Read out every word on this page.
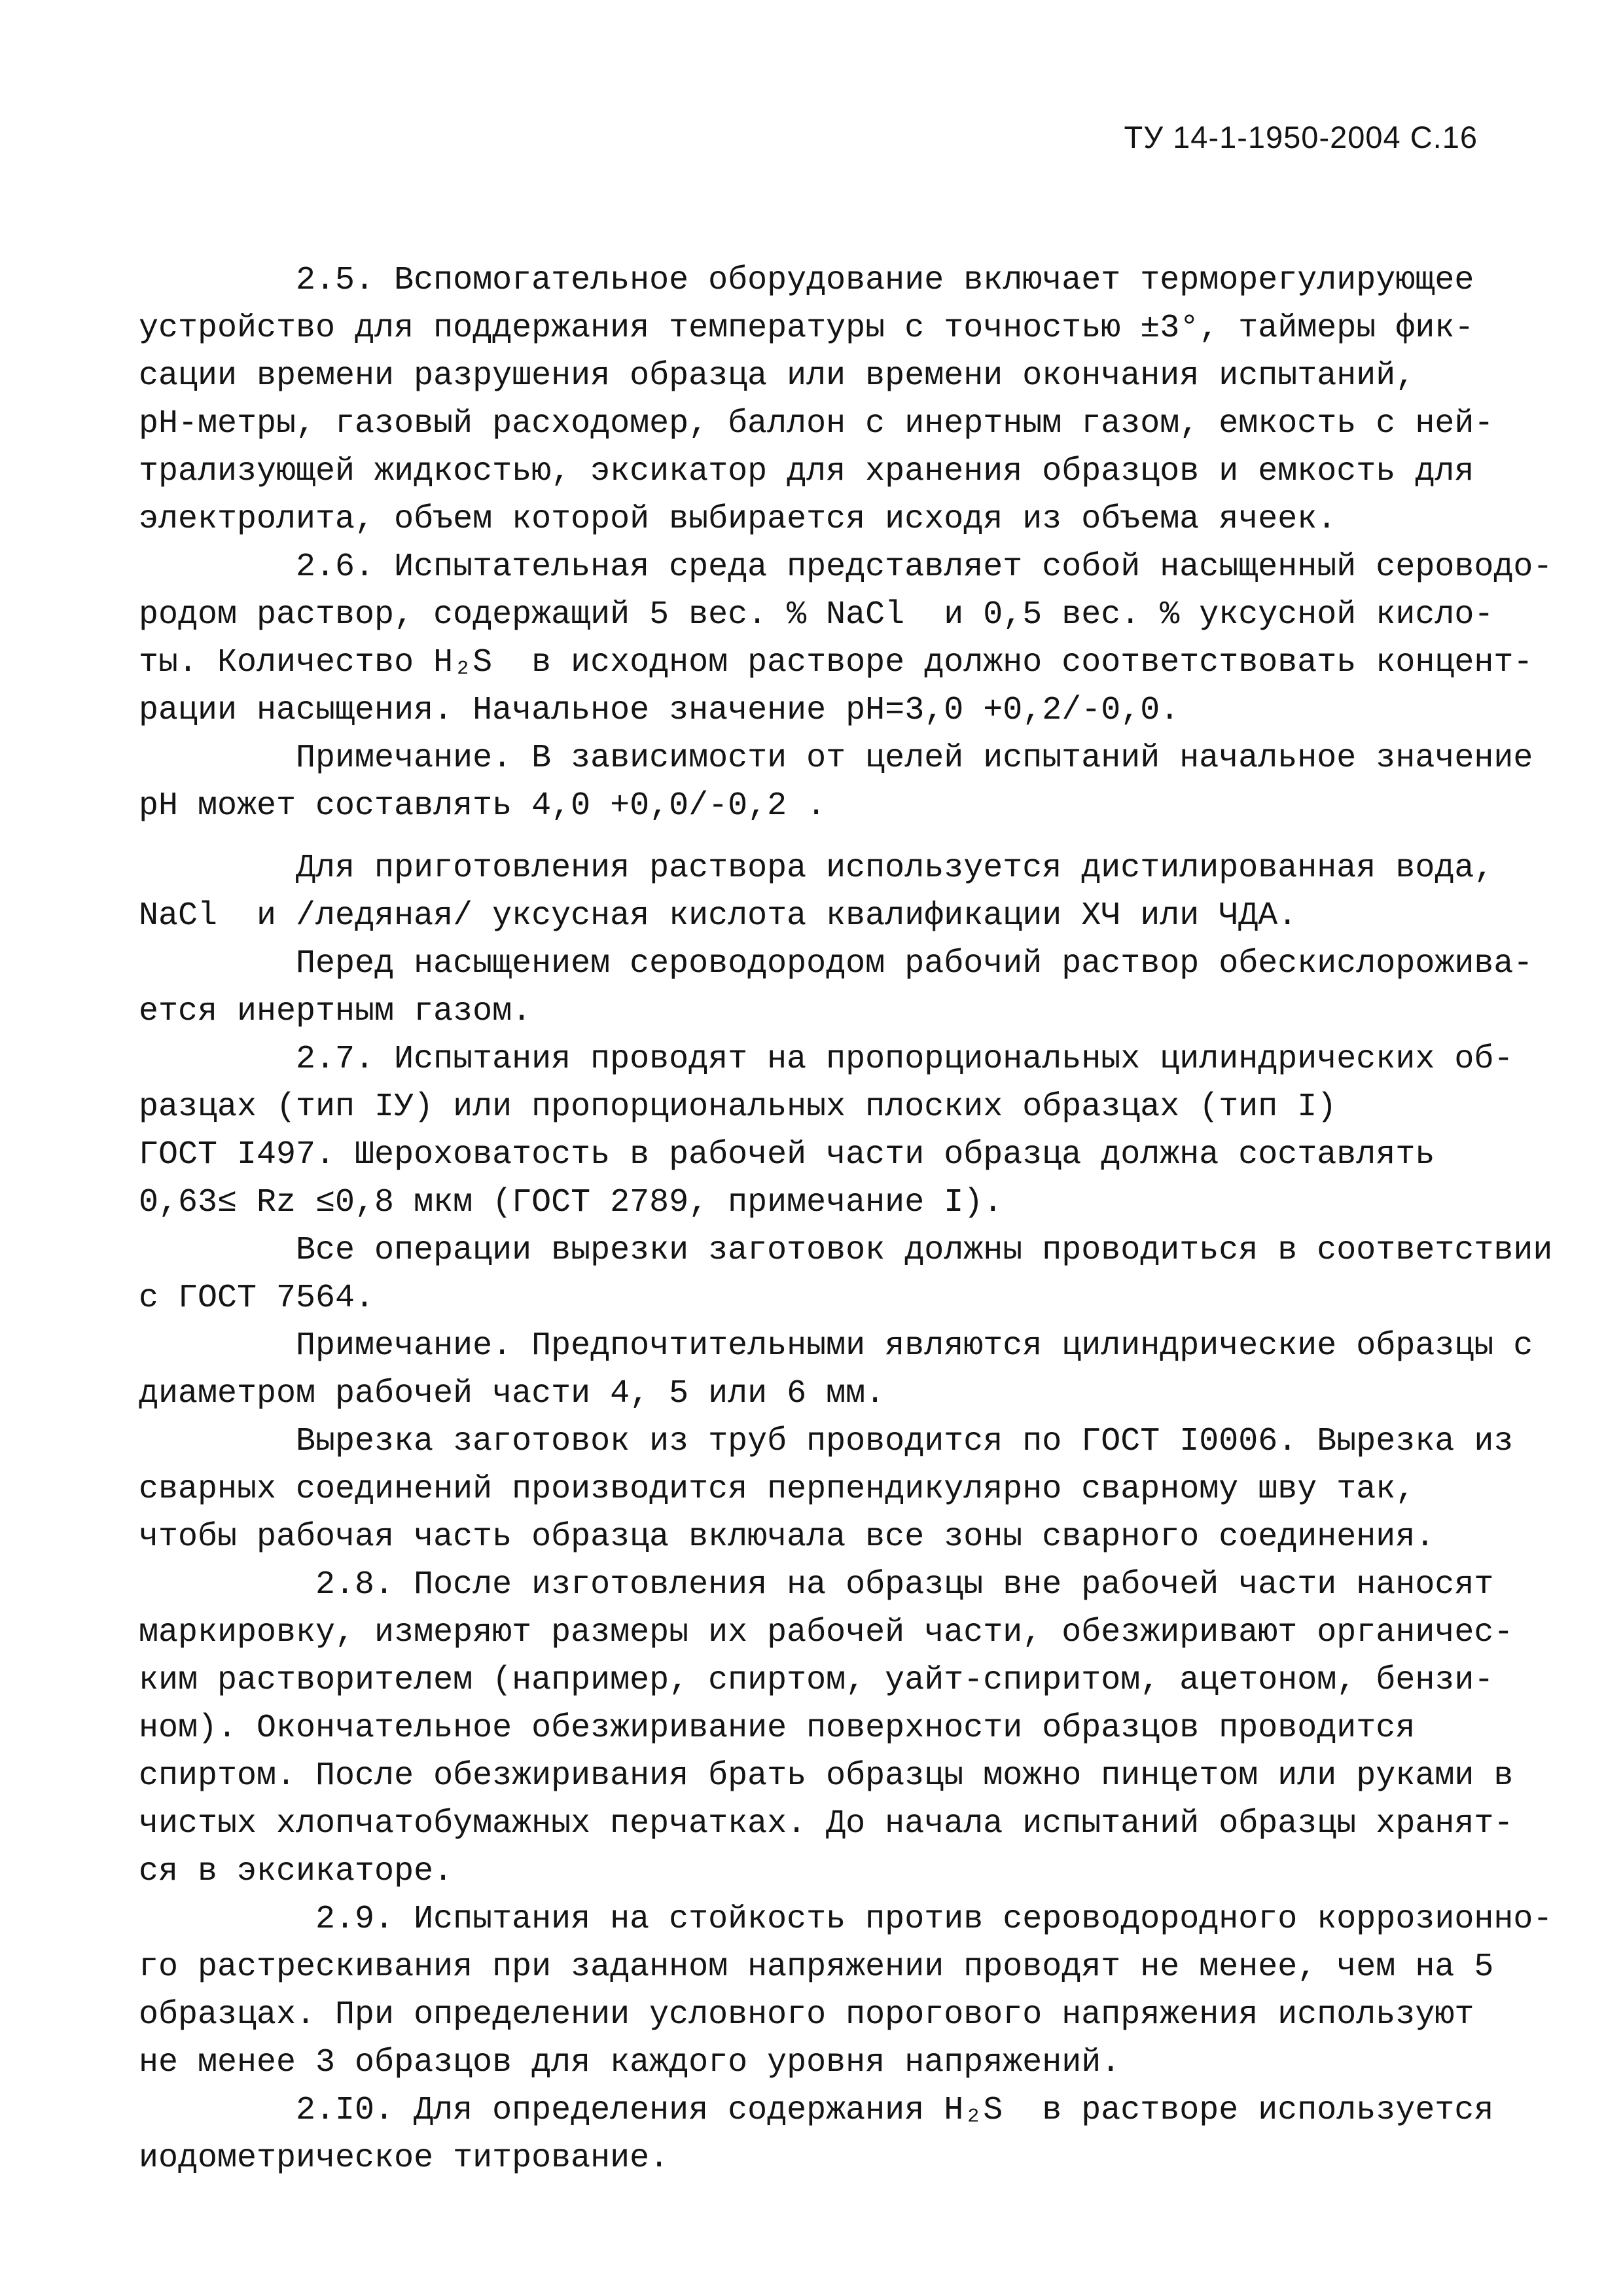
ТУ 14-1-1950-2004 С.16
2.5. Вспомогательное оборудование включает терморегулирующее
устройство для поддержания температуры с точностью ±3°, таймеры фик-
сации времени разрушения образца или времени окончания испытаний,
рН-метры, газовый расходомер, баллон с инертным газом, емкость с ней-
трализующей жидкостью, эксикатор для хранения образцов и емкость для
электролита, объем которой выбирается исходя из объема ячеек.
2.6. Испытательная среда представляет собой насыщенный сероводо-
родом раствор, содержащий 5 вес. % NaCl  и 0,5 вес. % уксусной кисло-
ты. Количество H₂S  в исходном растворе должно соответствовать концент-
рации насыщения. Начальное значение рН=3,0 +0,2/-0,0.
Примечание. В зависимости от целей испытаний начальное значение
рН может составлять 4,0 +0,0/-0,2 .
Для приготовления раствора используется дистилированная вода,
NaCl  и /ледяная/ уксусная кислота квалификации ХЧ или ЧДА.
Перед насыщением сероводородом рабочий раствор обескислороживa-
ется инертным газом.
2.7. Испытания проводят на пропорциональных цилиндрических об-
разцах (тип IУ) или пропорциональных плоских образцах (тип I)
ГОСТ I497. Шероховатость в рабочей части образца должна составлять
0,63≤ Rz ≤0,8 мкм (ГОСТ 2789, примечание I).
Все операции вырезки заготовок должны проводиться в соответствии
с ГОСТ 7564.
Примечание. Предпочтительными являются цилиндрические образцы с
диаметром рабочей части 4, 5 или 6 мм.
Вырезка заготовок из труб проводится по ГОСТ I0006. Вырезка из
сварных соединений производится перпендикулярно сварному шву так,
чтобы рабочая часть образца включала все зоны сварного соединения.
2.8. После изготовления на образцы вне рабочей части наносят
маркировку, измеряют размеры их рабочей части, обезжиривают органичес-
ким растворителем (например, спиртом, уайт-спиритом, ацетоном, бензи-
ном). Окончательное обезжиривание поверхности образцов проводится
спиртом. После обезжиривания брать образцы можно пинцетом или руками в
чистых хлопчатобумажных перчатках. До начала испытаний образцы хранят-
ся в эксикаторе.
2.9. Испытания на стойкость против сероводородного коррозионно-
го растрескивания при заданном напряжении проводят не менее, чем на 5
образцах. При определении условного порогового напряжения используют
не менее 3 образцов для каждого уровня напряжений.
2.I0. Для определения содержания H₂S  в растворе используется
иодометрическое титрование.
